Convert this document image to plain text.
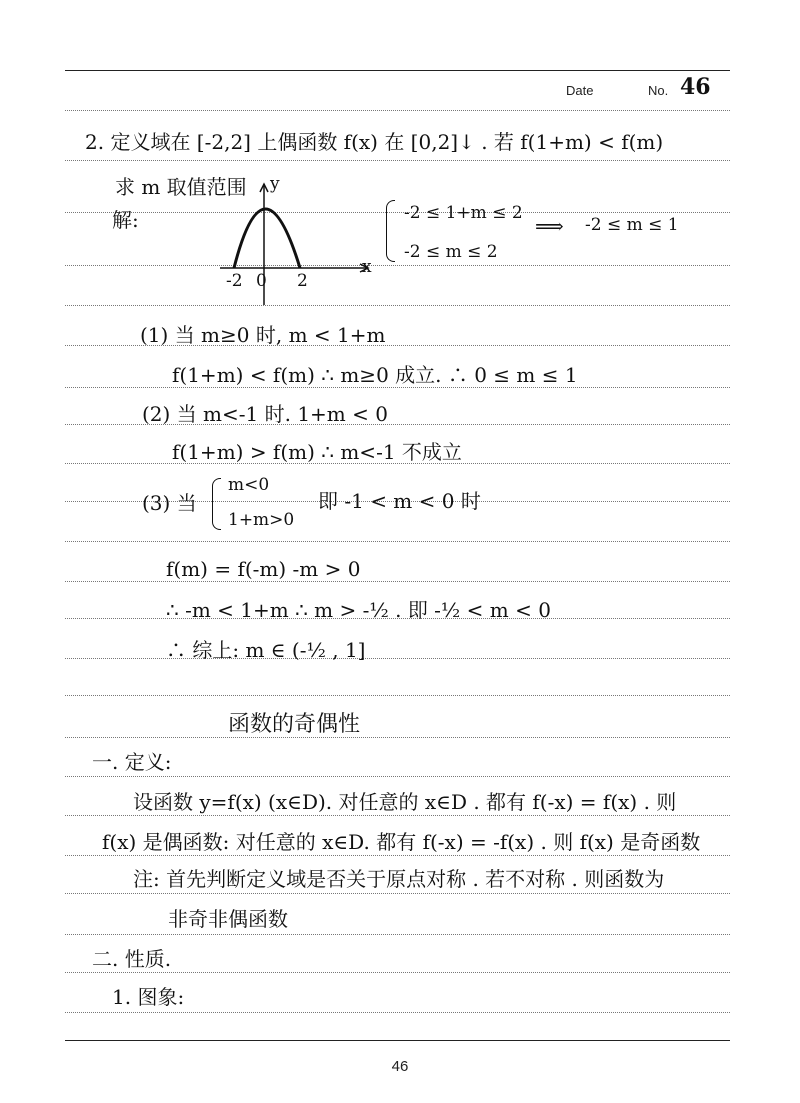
Date	No. 46
2. 定义域在 [-2,2] 上偶函数 f(x) 在 [0,2]↓ . 若 f(1+m) < f(m)
求 m 取值范围
解:
-2 0 2
x
y
-2 ≤ 1+m ≤ 2
-2 ≤ m ≤ 2
⟹ -2 ≤ m ≤ 1
(1) 当 m≥0 时, m < 1+m
f(1+m) < f(m) ∴ m≥0 成立. ∴ 0 ≤ m ≤ 1
(2) 当 m<-1 时. 1+m < 0
f(1+m) > f(m) ∴ m<-1 不成立
(3) 当
m<0
1+m>0
即 -1 < m < 0 时
f(m) = f(-m) -m > 0
∴ -m < 1+m ∴ m > -½ . 即 -½ < m < 0
∴ 综上: m ∈ (-½ , 1]
函数的奇偶性
一. 定义:
设函数 y=f(x) (x∈D). 对任意的 x∈D . 都有 f(-x) = f(x) . 则
f(x) 是偶函数: 对任意的 x∈D. 都有 f(-x) = -f(x) . 则 f(x) 是奇函数
注: 首先判断定义域是否关于原点对称 . 若不对称 . 则函数为
非奇非偶函数
二. 性质.
1. 图象:
46
